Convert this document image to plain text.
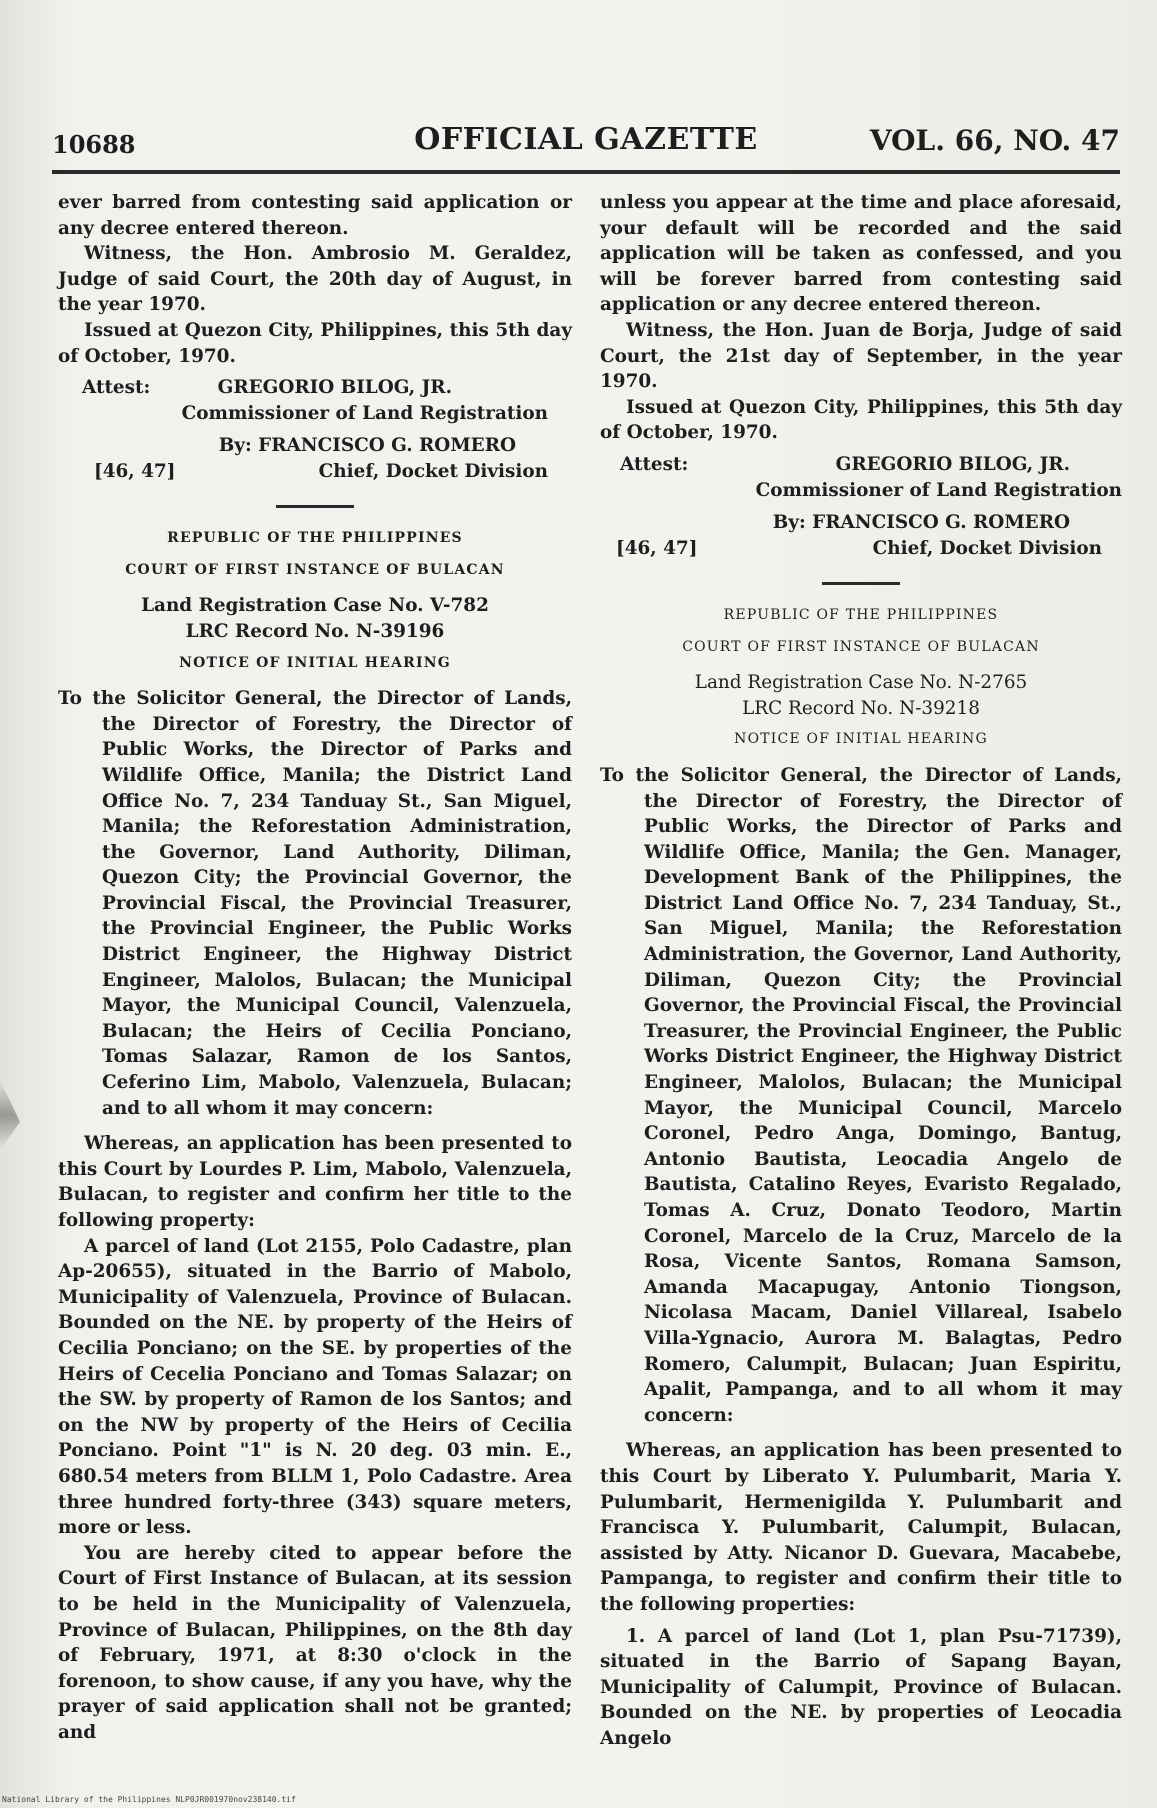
10688	OFFICIAL GAZETTE	VOL. 66, NO. 47

ever barred from contesting said application or any decree entered thereon.

Witness, the Hon. Ambrosio M. Geraldez, Judge of said Court, the 20th day of August, in the year 1970.

Issued at Quezon City, Philippines, this 5th day of October, 1970.

Attest:	GREGORIO BILOG, JR.
Commissioner of Land Registration
By: FRANCISCO G. ROMERO
[46, 47]	Chief, Docket Division

REPUBLIC OF THE PHILIPPINES

COURT OF FIRST INSTANCE OF BULACAN

Land Registration Case No. V-782

LRC Record No. N-39196

NOTICE OF INITIAL HEARING

To the Solicitor General, the Director of Lands, the Director of Forestry, the Director of Public Works, the Director of Parks and Wildlife Office, Manila; the District Land Office No. 7, 234 Tanduay St., San Miguel, Manila; the Reforestation Administration, the Governor, Land Authority, Diliman, Quezon City; the Provincial Governor, the Provincial Fiscal, the Provincial Treasurer, the Provincial Engineer, the Public Works District Engineer, the Highway District Engineer, Malolos, Bulacan; the Municipal Mayor, the Municipal Council, Valenzuela, Bulacan; the Heirs of Cecilia Ponciano, Tomas Salazar, Ramon de los Santos, Ceferino Lim, Mabolo, Valenzuela, Bulacan; and to all whom it may concern:

Whereas, an application has been presented to this Court by Lourdes P. Lim, Mabolo, Valenzuela, Bulacan, to register and confirm her title to the following property:

A parcel of land (Lot 2155, Polo Cadastre, plan Ap-20655), situated in the Barrio of Mabolo, Municipality of Valenzuela, Province of Bulacan. Bounded on the NE. by property of the Heirs of Cecilia Ponciano; on the SE. by properties of the Heirs of Cecelia Ponciano and Tomas Salazar; on the SW. by property of Ramon de los Santos; and on the NW by property of the Heirs of Cecilia Ponciano. Point "1" is N. 20 deg. 03 min. E., 680.54 meters from BLLM 1, Polo Cadastre. Area three hundred forty-three (343) square meters, more or less.

You are hereby cited to appear before the Court of First Instance of Bulacan, at its session to be held in the Municipality of Valenzuela, Province of Bulacan, Philippines, on the 8th day of February, 1971, at 8:30 o'clock in the forenoon, to show cause, if any you have, why the prayer of said application shall not be granted; and

unless you appear at the time and place aforesaid, your default will be recorded and the said application will be taken as confessed, and you will be forever barred from contesting said application or any decree entered thereon.

Witness, the Hon. Juan de Borja, Judge of said Court, the 21st day of September, in the year 1970.

Issued at Quezon City, Philippines, this 5th day of October, 1970.

Attest:	GREGORIO BILOG, JR.
Commissioner of Land Registration
By: FRANCISCO G. ROMERO
[46, 47]	Chief, Docket Division

REPUBLIC OF THE PHILIPPINES

COURT OF FIRST INSTANCE OF BULACAN

Land Registration Case No. N-2765

LRC Record No. N-39218

NOTICE OF INITIAL HEARING

To the Solicitor General, the Director of Lands, the Director of Forestry, the Director of Public Works, the Director of Parks and Wildlife Office, Manila; the Gen. Manager, Development Bank of the Philippines, the District Land Office No. 7, 234 Tanduay, St., San Miguel, Manila; the Reforestation Administration, the Governor, Land Authority, Diliman, Quezon City; the Provincial Governor, the Provincial Fiscal, the Provincial Treasurer, the Provincial Engineer, the Public Works District Engineer, the Highway District Engineer, Malolos, Bulacan; the Municipal Mayor, the Municipal Council, Marcelo Coronel, Pedro Anga, Domingo, Bantug, Antonio Bautista, Leocadia Angelo de Bautista, Catalino Reyes, Evaristo Regalado, Tomas A. Cruz, Donato Teodoro, Martin Coronel, Marcelo de la Cruz, Marcelo de la Rosa, Vicente Santos, Romana Samson, Amanda Macapugay, Antonio Tiongson, Nicolasa Macam, Daniel Villareal, Isabelo Villa-Ygnacio, Aurora M. Balagtas, Pedro Romero, Calumpit, Bulacan; Juan Espiritu, Apalit, Pampanga, and to all whom it may concern:

Whereas, an application has been presented to this Court by Liberato Y. Pulumbarit, Maria Y. Pulumbarit, Hermenigilda Y. Pulumbarit and Francisca Y. Pulumbarit, Calumpit, Bulacan, assisted by Atty. Nicanor D. Guevara, Macabebe, Pampanga, to register and confirm their title to the following properties:

1. A parcel of land (Lot 1, plan Psu-71739), situated in the Barrio of Sapang Bayan, Municipality of Calumpit, Province of Bulacan. Bounded on the NE. by properties of Leocadia Angelo

National Library of the Philippines NLP0JR001970nov238140.tif
